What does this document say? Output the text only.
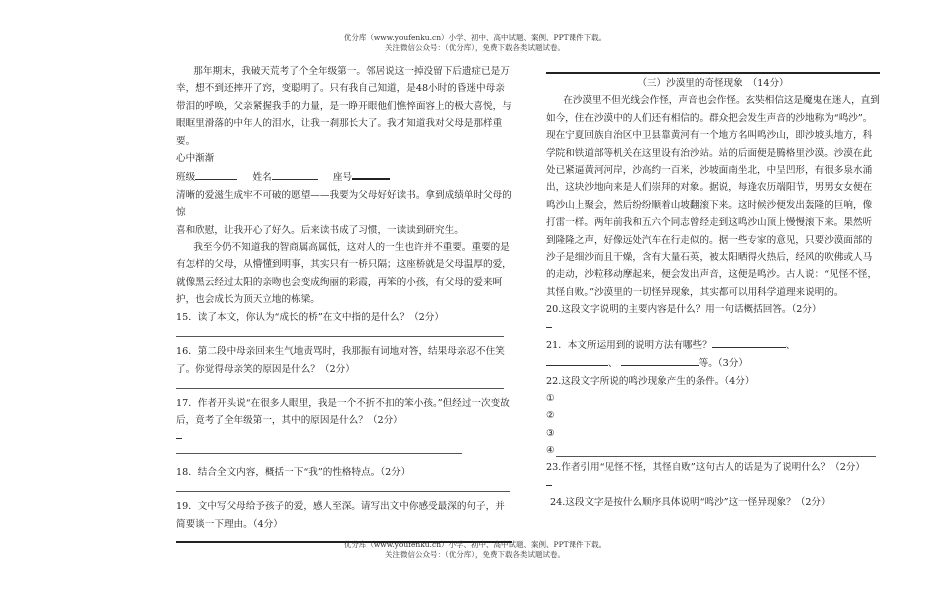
优分库（www.youfenku.cn）小学、初中、高中试题、案例、PPT课件下载。
关注微信公众号：（优分库），免费下载各类试题试卷。

那年期末，我破天荒考了个全年级第一。邻居说这一掉没留下后遗症已是万幸，想不到还摔开了窍，变聪明了。只有我自己知道，是48小时的昏迷中母亲带泪的呼唤，父亲紧握我手的力量，是一睁开眼他们憔悴面容上的极大喜悦，与眼眶里滑落的中年人的泪水，让我一刹那长大了。我才知道我对父母是那样重要。

心中渐渐

班级	姓名	座号

清晰的爱滋生成牢不可破的愿望——我要为父母好好读书。拿到成绩单时父母的惊

喜和欣慰，让我开心了好久。后来读书成了习惯，一读读到研究生。

我至今仍不知道我的智商属高属低，这对人的一生也许并不重要。重要的是有怎样的父母，从懵懂到明事，其实只有一桥只隔；这座桥就是父母温厚的爱，就像黑云经过太阳的亲吻也会变成绚丽的彩霞，再笨的小孩，有父母的爱来呵护，也会成长为顶天立地的栋梁。

15．读了本文，你认为“成长的桥”在文中指的是什么？（2分）

16．第二段中母亲回来生气地责骂时，我那振有词地对答，结果母亲忍不住笑了。你觉得母亲笑的原因是什么？（2分）

17．作者开头说“在很多人眼里，我是一个不折不扣的笨小孩。”但经过一次变故后，竟考了全年级第一，其中的原因是什么？（2分）

18．结合全文内容，概括一下“我”的性格特点。（2分）

19．文中写父母给予孩子的爱，感人至深。请写出文中你感受最深的句子，并简要谈一下理由。（4分）

（三）沙漠里的奇怪现象　（14分）

在沙漠里不但光线会作怪，声音也会作怪。玄奘相信这是魔鬼在迷人，直到如今，住在沙漠中的人们还有相信的。群众把会发生声音的沙地称为“鸣沙”。现在宁夏回族自治区中卫县靠黄河有一个地方名叫鸣沙山，即沙坡头地方，科学院和铁道部等机关在这里设有治沙站。站的后面便是腾格里沙漠。沙漠在此处已紧逼黄河河岸，沙高约一百米，沙坡面南坐北，中呈凹形，有很多泉水涌出，这块沙地向来是人们崇拜的对象。据说，每逢农历端阳节，男男女女便在鸣沙山上聚会，然后纷纷顺着山坡翻滚下来。这时候沙便发出轰隆的巨响，像打雷一样。两年前我和五六个同志曾经走到这鸣沙山顶上慢慢滚下来。果然听到隆隆之声，好像远处汽车在行走似的。据一些专家的意见，只要沙漠面部的沙子是细沙而且干燥，含有大量石英，被太阳晒得火热后，经风的吹佛或人马的走动，沙粒移动摩起来，便会发出声音，这便是鸣沙。古人说：“见怪不怪，其怪自败。”沙漠里的一切怪异现象，其实都可以用科学道理来说明的。

20.这段文字说明的主要内容是什么？用一句话概括回答。（2分）

21．本文所运用到的说明方法有哪些？	、

、	等。（3分）

22.这段文字所说的鸣沙现象产生的条件。（4分）

①

②

③

④

23.作者引用“见怪不怪，其怪自败”这句古人的话是为了说明什么？（2分）

24.这段文字是按什么顺序具体说明“鸣沙”这一怪异现象？（2分）

优分库（www.youfenku.cn）小学、初中、高中试题、案例、PPT课件下载。
关注微信公众号：（优分库），免费下载各类试题试卷。
